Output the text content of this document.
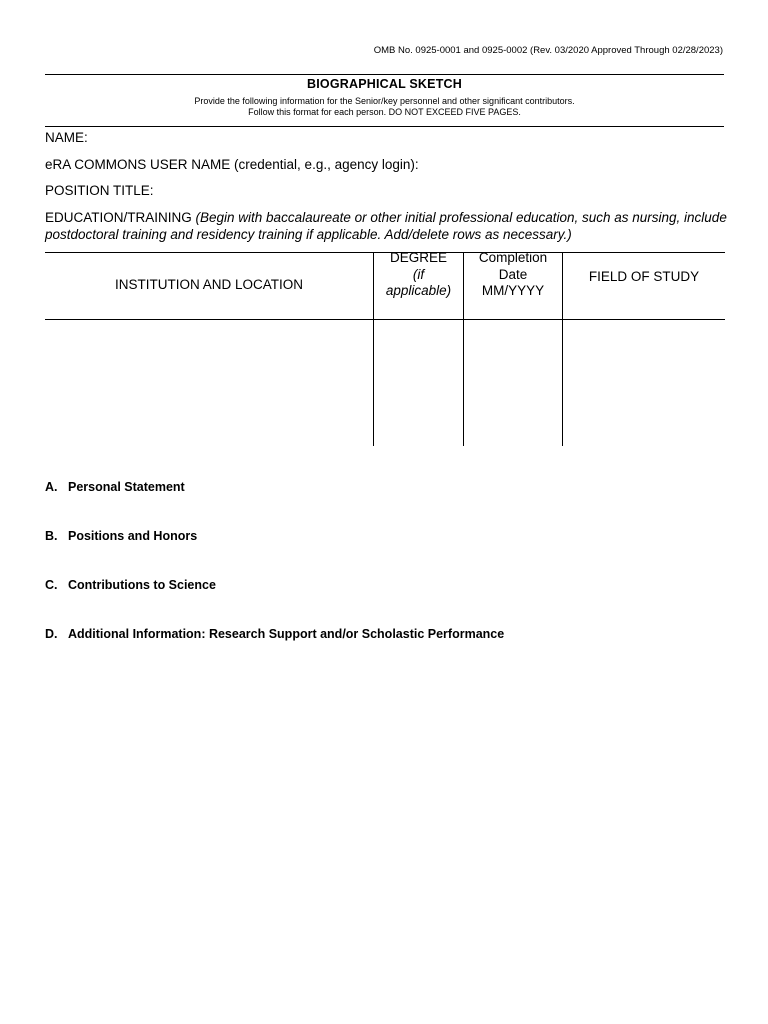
OMB No. 0925-0001 and 0925-0002 (Rev. 03/2020 Approved Through 02/28/2023)
BIOGRAPHICAL SKETCH
Provide the following information for the Senior/key personnel and other significant contributors.
Follow this format for each person. DO NOT EXCEED FIVE PAGES.
NAME:
eRA COMMONS USER NAME (credential, e.g., agency login):
POSITION TITLE:
EDUCATION/TRAINING (Begin with baccalaureate or other initial professional education, such as nursing, include postdoctoral training and residency training if applicable. Add/delete rows as necessary.)
INSTITUTION AND LOCATION
DEGREE
(if applicable)
Completion Date MM/YYYY
FIELD OF STUDY
A. Personal Statement
B. Positions and Honors
C. Contributions to Science
D. Additional Information: Research Support and/or Scholastic Performance
